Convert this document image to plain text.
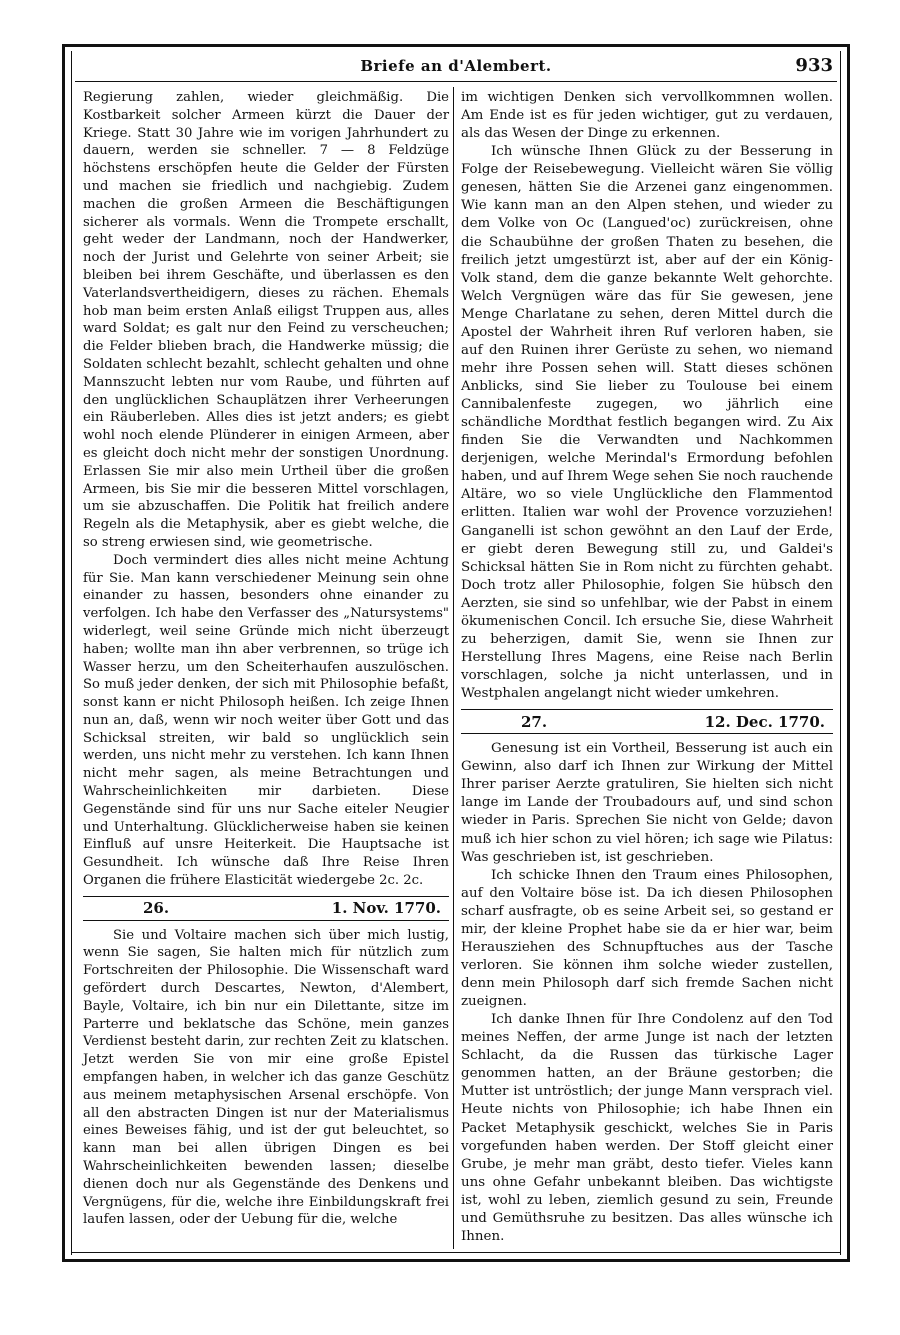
Briefe an d'Alembert.	933

Regierung zahlen, wieder gleichmäßig. Die Kostbarkeit solcher Armeen kürzt die Dauer der Kriege. Statt 30 Jahre wie im vorigen Jahrhundert zu dauern, werden sie schneller. 7 — 8 Feldzüge höchstens erschöpfen heute die Gelder der Fürsten und machen sie friedlich und nachgiebig. Zudem machen die großen Armeen die Beschäftigungen sicherer als vormals. Wenn die Trompete erschallt, geht weder der Landmann, noch der Handwerker, noch der Jurist und Gelehrte von seiner Arbeit; sie bleiben bei ihrem Geschäfte, und überlassen es den Vaterlandsvertheidigern, dieses zu rächen. Ehemals hob man beim ersten Anlaß eiligst Truppen aus, alles ward Soldat; es galt nur den Feind zu verscheuchen; die Felder blieben brach, die Handwerke müssig; die Soldaten schlecht bezahlt, schlecht gehalten und ohne Mannszucht lebten nur vom Raube, und führten auf den unglücklichen Schauplätzen ihrer Verheerungen ein Räuberleben. Alles dies ist jetzt anders; es giebt wohl noch elende Plünderer in einigen Armeen, aber es gleicht doch nicht mehr der sonstigen Unordnung. Erlassen Sie mir also mein Urtheil über die großen Armeen, bis Sie mir die besseren Mittel vorschlagen, um sie abzuschaffen. Die Politik hat freilich andere Regeln als die Metaphysik, aber es giebt welche, die so streng erwiesen sind, wie geometrische.

Doch vermindert dies alles nicht meine Achtung für Sie. Man kann verschiedener Meinung sein ohne einander zu hassen, besonders ohne einander zu verfolgen. Ich habe den Verfasser des „Natursystems" widerlegt, weil seine Gründe mich nicht überzeugt haben; wollte man ihn aber verbrennen, so trüge ich Wasser herzu, um den Scheiterhaufen auszulöschen. So muß jeder denken, der sich mit Philosophie befaßt, sonst kann er nicht Philosoph heißen. Ich zeige Ihnen nun an, daß, wenn wir noch weiter über Gott und das Schicksal streiten, wir bald so unglücklich sein werden, uns nicht mehr zu verstehen. Ich kann Ihnen nicht mehr sagen, als meine Betrachtungen und Wahrscheinlichkeiten mir darbieten. Diese Gegenstände sind für uns nur Sache eiteler Neugier und Unterhaltung. Glücklicherweise haben sie keinen Einfluß auf unsre Heiterkeit. Die Hauptsache ist Gesundheit. Ich wünsche daß Ihre Reise Ihren Organen die frühere Elasticität wiedergebe 2c. 2c.

26.	1. Nov. 1770.

Sie und Voltaire machen sich über mich lustig, wenn Sie sagen, Sie halten mich für nützlich zum Fortschreiten der Philosophie. Die Wissenschaft ward gefördert durch Descartes, Newton, d'Alembert, Bayle, Voltaire, ich bin nur ein Dilettante, sitze im Parterre und beklatsche das Schöne, mein ganzes Verdienst besteht darin, zur rechten Zeit zu klatschen. Jetzt werden Sie von mir eine große Epistel empfangen haben, in welcher ich das ganze Geschütz aus meinem metaphysischen Arsenal erschöpfe. Von all den abstracten Dingen ist nur der Materialismus eines Beweises fähig, und ist der gut beleuchtet, so kann man bei allen übrigen Dingen es bei Wahrscheinlichkeiten bewenden lassen; dieselbe dienen doch nur als Gegenstände des Denkens und Vergnügens, für die, welche ihre Einbildungskraft frei laufen lassen, oder der Uebung für die, welche

im wichtigen Denken sich vervollkommnen wollen. Am Ende ist es für jeden wichtiger, gut zu verdauen, als das Wesen der Dinge zu erkennen.

Ich wünsche Ihnen Glück zu der Besserung in Folge der Reisebewegung. Vielleicht wären Sie völlig genesen, hätten Sie die Arzenei ganz eingenommen. Wie kann man an den Alpen stehen, und wieder zu dem Volke von Oc (Langued'oc) zurückreisen, ohne die Schaubühne der großen Thaten zu besehen, die freilich jetzt umgestürzt ist, aber auf der ein König-Volk stand, dem die ganze bekannte Welt gehorchte. Welch Vergnügen wäre das für Sie gewesen, jene Menge Charlatane zu sehen, deren Mittel durch die Apostel der Wahrheit ihren Ruf verloren haben, sie auf den Ruinen ihrer Gerüste zu sehen, wo niemand mehr ihre Possen sehen will. Statt dieses schönen Anblicks, sind Sie lieber zu Toulouse bei einem Cannibalenfeste zugegen, wo jährlich eine schändliche Mordthat festlich begangen wird. Zu Aix finden Sie die Verwandten und Nachkommen derjenigen, welche Merindal's Ermordung befohlen haben, und auf Ihrem Wege sehen Sie noch rauchende Altäre, wo so viele Unglückliche den Flammentod erlitten. Italien war wohl der Provence vorzuziehen! Ganganelli ist schon gewöhnt an den Lauf der Erde, er giebt deren Bewegung still zu, und Galdei's Schicksal hätten Sie in Rom nicht zu fürchten gehabt. Doch trotz aller Philosophie, folgen Sie hübsch den Aerzten, sie sind so unfehlbar, wie der Pabst in einem ökumenischen Concil. Ich ersuche Sie, diese Wahrheit zu beherzigen, damit Sie, wenn sie Ihnen zur Herstellung Ihres Magens, eine Reise nach Berlin vorschlagen, solche ja nicht unterlassen, und in Westphalen angelangt nicht wieder umkehren.

27.	12. Dec. 1770.

Genesung ist ein Vortheil, Besserung ist auch ein Gewinn, also darf ich Ihnen zur Wirkung der Mittel Ihrer pariser Aerzte gratuliren, Sie hielten sich nicht lange im Lande der Troubadours auf, und sind schon wieder in Paris. Sprechen Sie nicht von Gelde; davon muß ich hier schon zu viel hören; ich sage wie Pilatus: Was geschrieben ist, ist geschrieben.

Ich schicke Ihnen den Traum eines Philosophen, auf den Voltaire böse ist. Da ich diesen Philosophen scharf ausfragte, ob es seine Arbeit sei, so gestand er mir, der kleine Prophet habe sie da er hier war, beim Herausziehen des Schnupftuches aus der Tasche verloren. Sie können ihm solche wieder zustellen, denn mein Philosoph darf sich fremde Sachen nicht zueignen.

Ich danke Ihnen für Ihre Condolenz auf den Tod meines Neffen, der arme Junge ist nach der letzten Schlacht, da die Russen das türkische Lager genommen hatten, an der Bräune gestorben; die Mutter ist untröstlich; der junge Mann versprach viel. Heute nichts von Philosophie; ich habe Ihnen ein Packet Metaphysik geschickt, welches Sie in Paris vorgefunden haben werden. Der Stoff gleicht einer Grube, je mehr man gräbt, desto tiefer. Vieles kann uns ohne Gefahr unbekannt bleiben. Das wichtigste ist, wohl zu leben, ziemlich gesund zu sein, Freunde und Gemüthsruhe zu besitzen. Das alles wünsche ich Ihnen.
